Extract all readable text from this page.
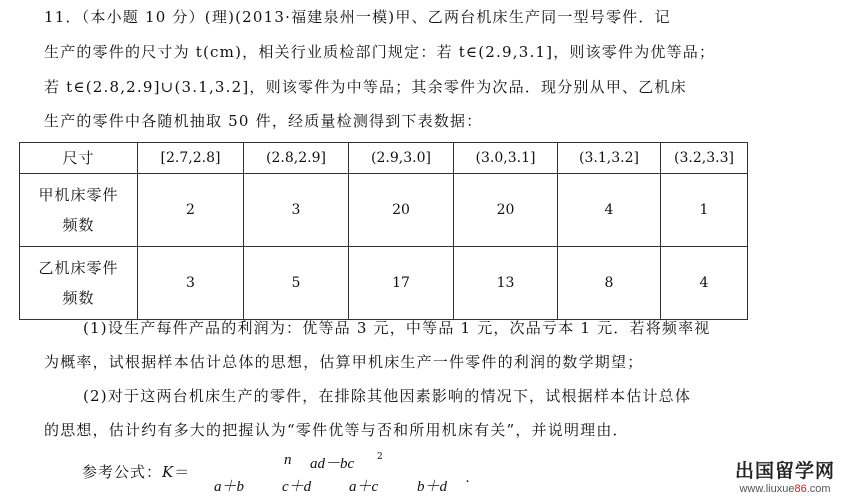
11．（本小题 10 分）(理)(2013·福建泉州一模)甲、乙两台机床生产同一型号零件．记
生产的零件的尺寸为 t(cm)，相关行业质检部门规定：若 t∈(2.9,3.1]，则该零件为优等品；
若 t∈(2.8,2.9]∪(3.1,3.2]，则该零件为中等品；其余零件为次品．现分别从甲、乙机床
生产的零件中各随机抽取 50 件，经质量检测得到下表数据：
尺寸	[2.7,2.8]	(2.8,2.9]	(2.9,3.0]	(3.0,3.1]	(3.1,3.2]	(3.2,3.3]

甲机床零件
频数	2	3	20	20	4	1

乙机床零件
频数	3	5	17	13	8	4
(1)设生产每件产品的利润为：优等品 3 元，中等品 1 元，次品亏本 1 元．若将频率视
为概率，试根据样本估计总体的思想，估算甲机床生产一件零件的利润的数学期望；
(2)对于这两台机床生产的零件，在排除其他因素影响的情况下，试根据样本估计总体
的思想，估计约有多大的把握认为“零件优等与否和所用机床有关”，并说明理由．
参考公式：K＝
n ad－bc	2
a＋b	c＋d	a＋c	b＋d
.	出国留学网
www.liuxue86.com
